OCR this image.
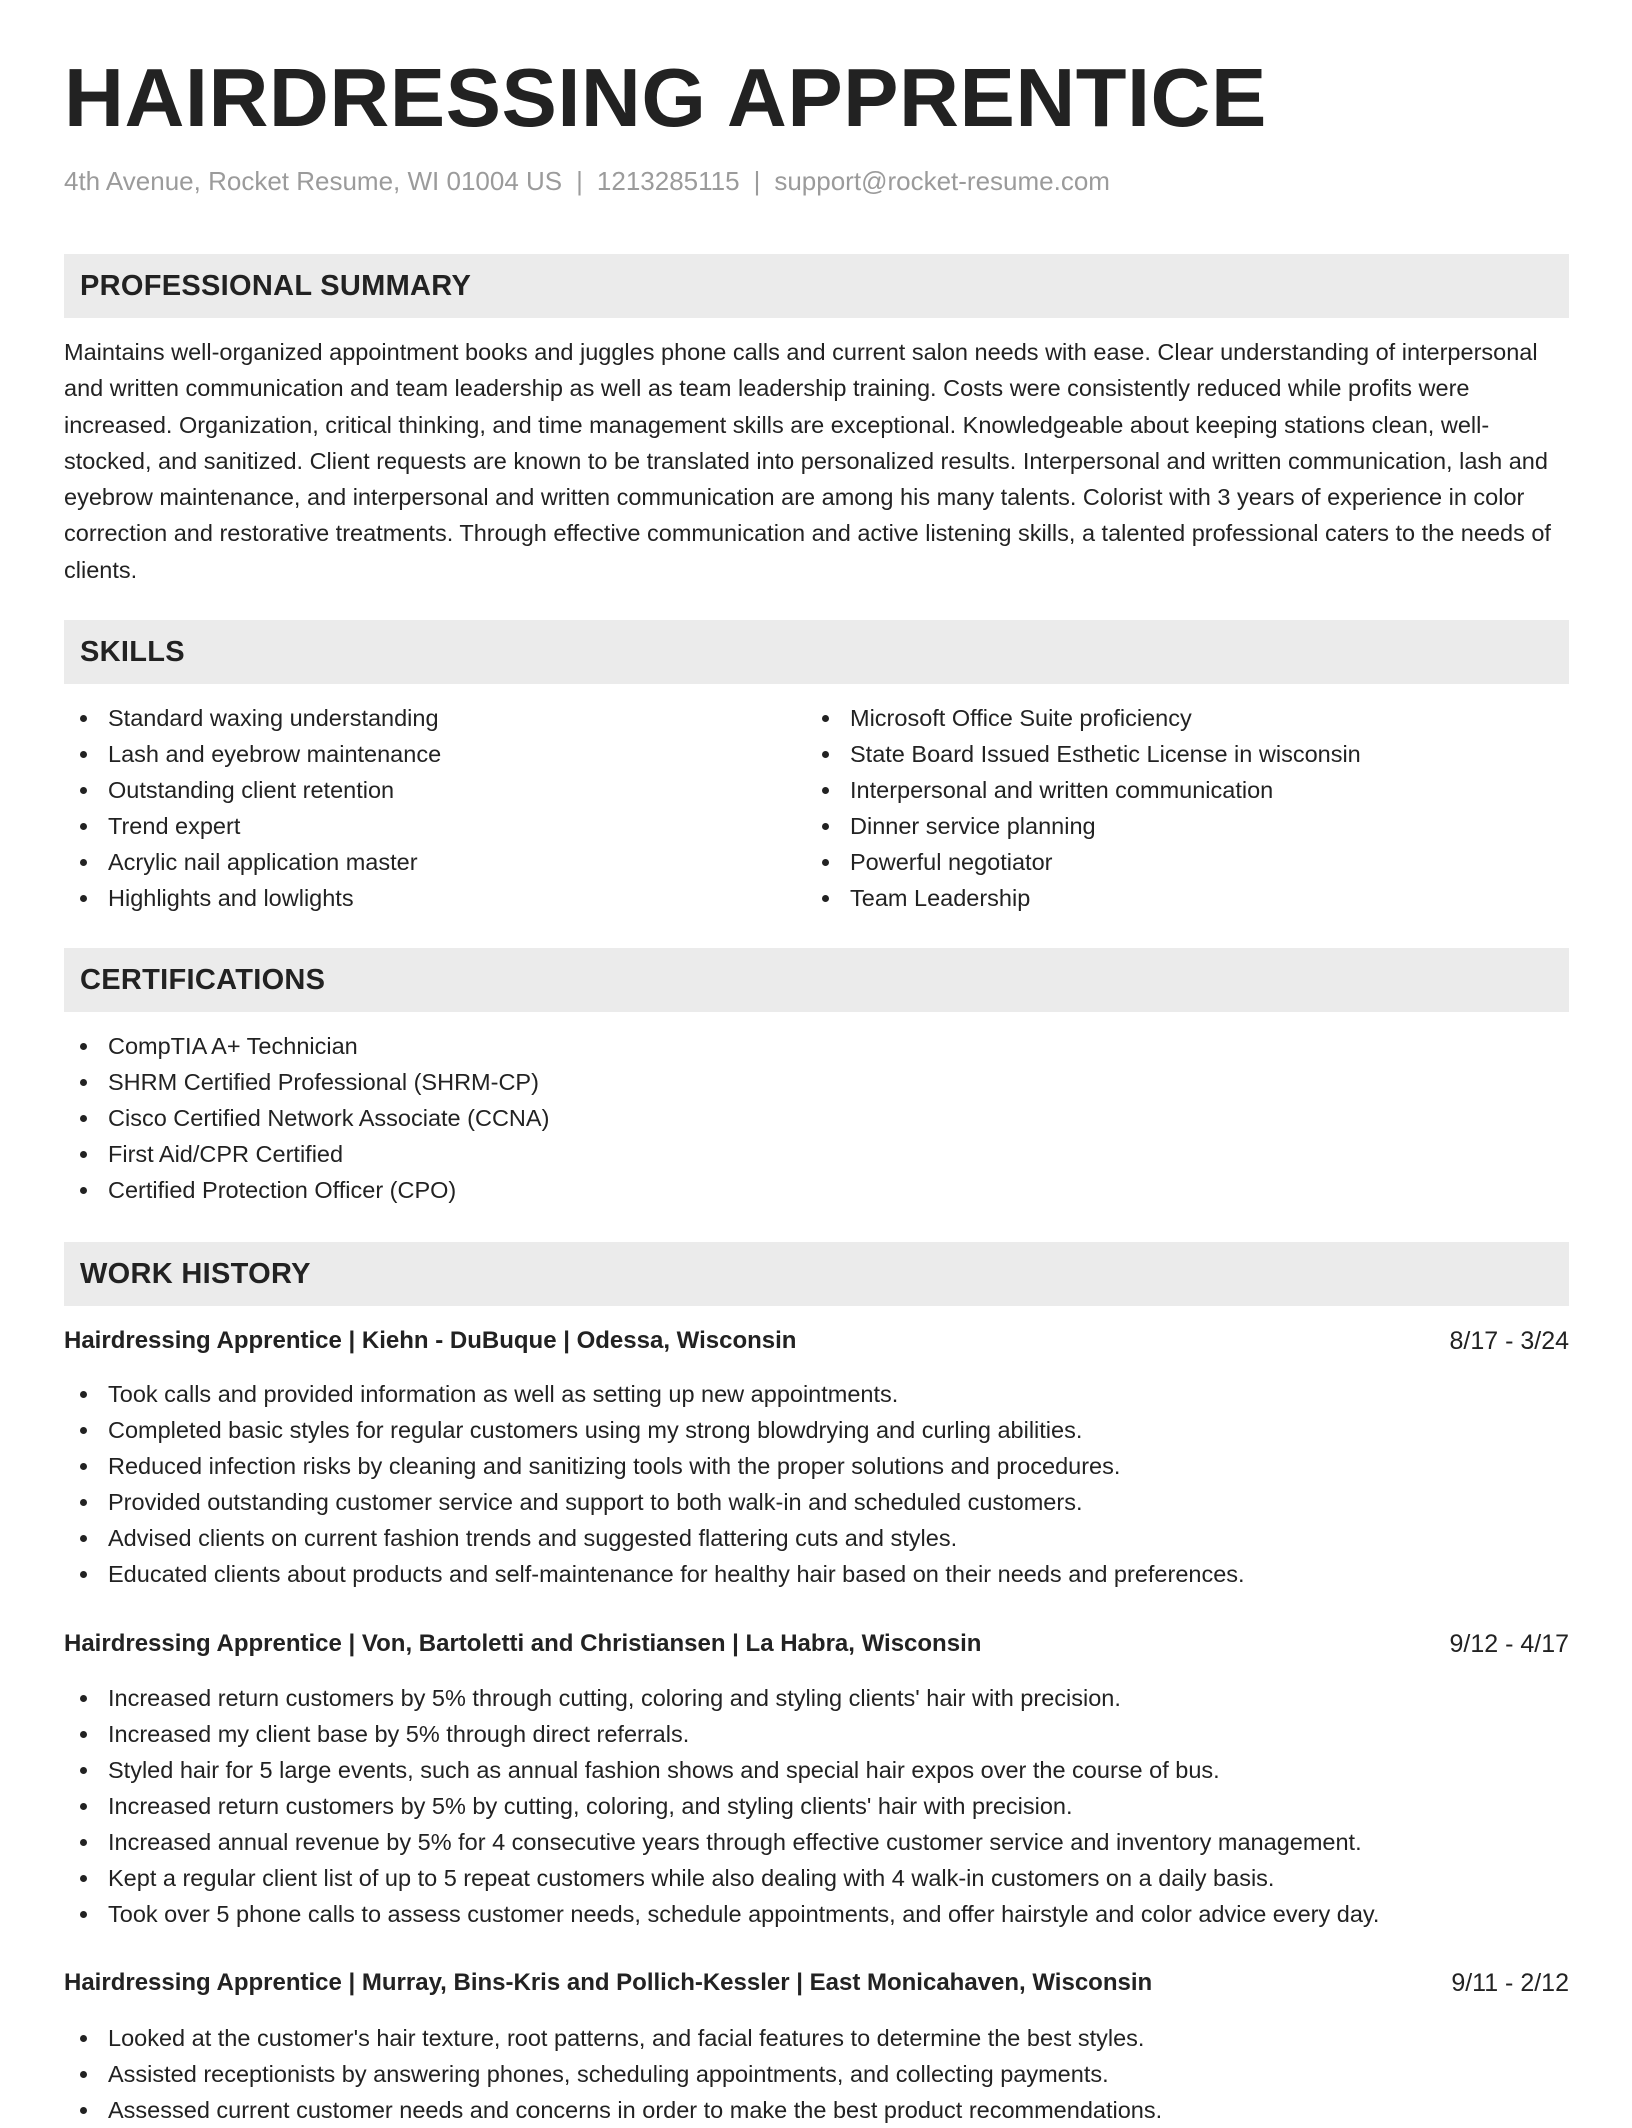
HAIRDRESSING APPRENTICE
4th Avenue, Rocket Resume, WI 01004 US | 1213285115 | support@rocket-resume.com
PROFESSIONAL SUMMARY

Maintains well-organized appointment books and juggles phone calls and current salon needs with ease. Clear understanding of interpersonal and written communication and team leadership as well as team leadership training. Costs were consistently reduced while profits were increased. Organization, critical thinking, and time management skills are exceptional. Knowledgeable about keeping stations clean, well-stocked, and sanitized. Client requests are known to be translated into personalized results. Interpersonal and written communication, lash and eyebrow maintenance, and interpersonal and written communication are among his many talents. Colorist with 3 years of experience in color correction and restorative treatments. Through effective communication and active listening skills, a talented professional caters to the needs of clients.

SKILLS
Standard waxing understanding
Lash and eyebrow maintenance
Outstanding client retention
Trend expert
Acrylic nail application master
Highlights and lowlights
Microsoft Office Suite proficiency
State Board Issued Esthetic License in wisconsin
Interpersonal and written communication
Dinner service planning
Powerful negotiator
Team Leadership
CERTIFICATIONS
CompTIA A+ Technician
SHRM Certified Professional (SHRM-CP)
Cisco Certified Network Associate (CCNA)
First Aid/CPR Certified
Certified Protection Officer (CPO)
WORK HISTORY
Hairdressing Apprentice | Kiehn - DuBuque | Odessa, Wisconsin	8/17 - 3/24
Took calls and provided information as well as setting up new appointments.
Completed basic styles for regular customers using my strong blowdrying and curling abilities.
Reduced infection risks by cleaning and sanitizing tools with the proper solutions and procedures.
Provided outstanding customer service and support to both walk-in and scheduled customers.
Advised clients on current fashion trends and suggested flattering cuts and styles.
Educated clients about products and self-maintenance for healthy hair based on their needs and preferences.
Hairdressing Apprentice | Von, Bartoletti and Christiansen | La Habra, Wisconsin	9/12 - 4/17
Increased return customers by 5% through cutting, coloring and styling clients' hair with precision.
Increased my client base by 5% through direct referrals.
Styled hair for 5 large events, such as annual fashion shows and special hair expos over the course of bus.
Increased return customers by 5% by cutting, coloring, and styling clients' hair with precision.
Increased annual revenue by 5% for 4 consecutive years through effective customer service and inventory management.
Kept a regular client list of up to 5 repeat customers while also dealing with 4 walk-in customers on a daily basis.
Took over 5 phone calls to assess customer needs, schedule appointments, and offer hairstyle and color advice every day.
Hairdressing Apprentice | Murray, Bins-Kris and Pollich-Kessler | East Monicahaven, Wisconsin	9/11 - 2/12
Looked at the customer's hair texture, root patterns, and facial features to determine the best styles.
Assisted receptionists by answering phones, scheduling appointments, and collecting payments.
Assessed current customer needs and concerns in order to make the best product recommendations.
